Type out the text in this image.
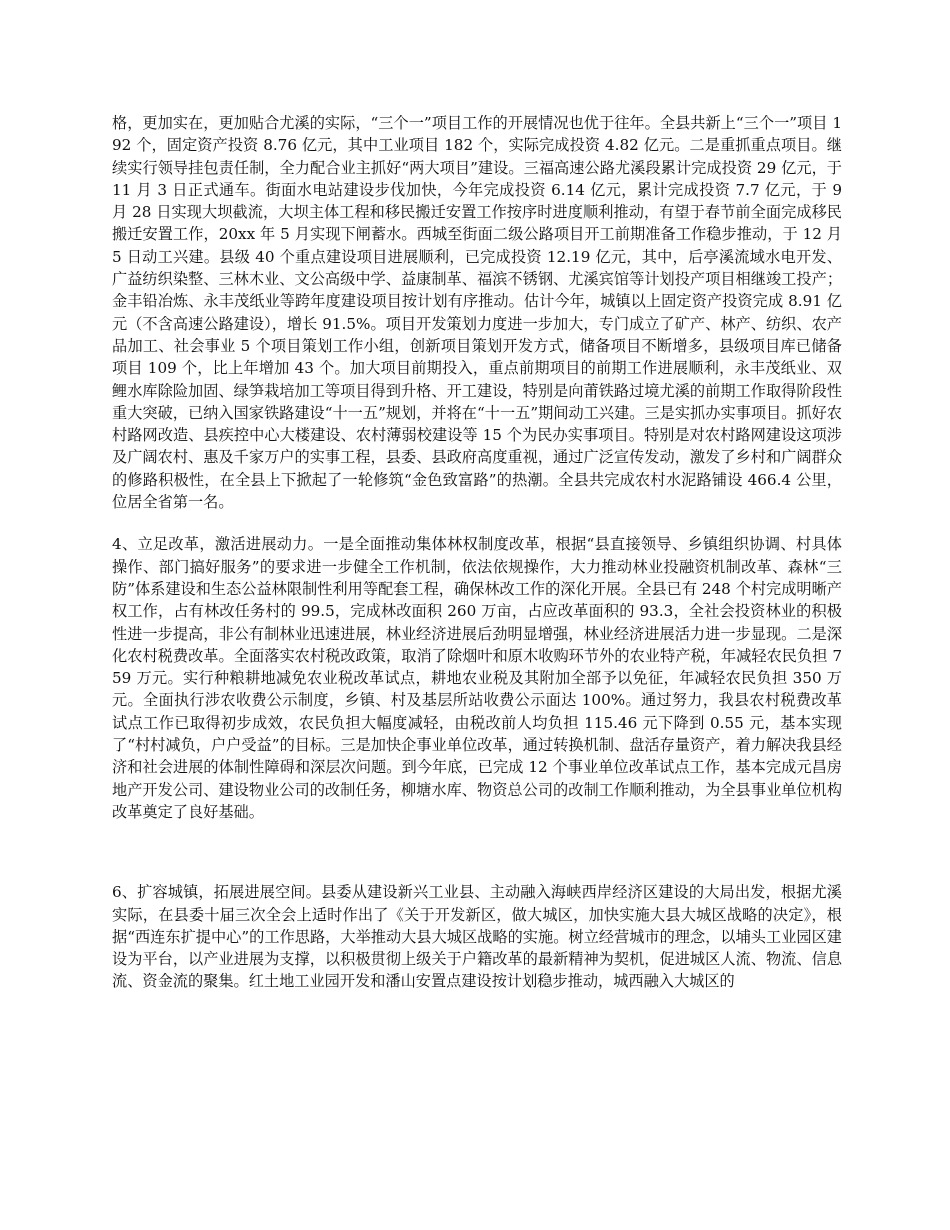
格，更加实在，更加贴合尤溪的实际，“三个一”项目工作的开展情况也优于往年。全县共新上“三个一”项目 192 个，固定资产投资 8.76 亿元，其中工业项目 182 个，实际完成投资 4.82 亿元。二是重抓重点项目。继续实行领导挂包责任制，全力配合业主抓好“两大项目”建设。三福高速公路尤溪段累计完成投资 29 亿元，于 11 月 3 日正式通车。街面水电站建设步伐加快，今年完成投资 6.14 亿元，累计完成投资 7.7 亿元，于 9 月 28 日实现大坝截流，大坝主体工程和移民搬迁安置工作按序时进度顺利推动，有望于春节前全面完成移民搬迁安置工作，20xx 年 5 月实现下闸蓄水。西城至街面二级公路项目开工前期准备工作稳步推动，于 12 月 5 日动工兴建。县级 40 个重点建设项目进展顺利，已完成投资 12.19 亿元，其中，后亭溪流域水电开发、广益纺织染整、三林木业、文公高级中学、益康制革、福滨不锈钢、尤溪宾馆等计划投产项目相继竣工投产；金丰铅冶炼、永丰茂纸业等跨年度建设项目按计划有序推动。估计今年，城镇以上固定资产投资完成 8.91 亿元（不含高速公路建设），增长 91.5%。项目开发策划力度进一步加大，专门成立了矿产、林产、纺织、农产品加工、社会事业 5 个项目策划工作小组，创新项目策划开发方式，储备项目不断增多，县级项目库已储备项目 109 个，比上年增加 43 个。加大项目前期投入，重点前期项目的前期工作进展顺利，永丰茂纸业、双鲤水库除险加固、绿笋栽培加工等项目得到升格、开工建设，特别是向莆铁路过境尤溪的前期工作取得阶段性重大突破，已纳入国家铁路建设“十一五”规划，并将在“十一五”期间动工兴建。三是实抓办实事项目。抓好农村路网改造、县疾控中心大楼建设、农村薄弱校建设等 15 个为民办实事项目。特别是对农村路网建设这项涉及广阔农村、惠及千家万户的实事工程，县委、县政府高度重视，通过广泛宣传发动，激发了乡村和广阔群众的修路积极性，在全县上下掀起了一轮修筑“金色致富路”的热潮。全县共完成农村水泥路铺设 466.4 公里，位居全省第一名。

4、立足改革，激活进展动力。一是全面推动集体林权制度改革，根据“县直接领导、乡镇组织协调、村具体操作、部门搞好服务”的要求进一步健全工作机制，依法依规操作，大力推动林业投融资机制改革、森林“三防”体系建设和生态公益林限制性利用等配套工程，确保林改工作的深化开展。全县已有 248 个村完成明晰产权工作，占有林改任务村的 99.5，完成林改面积 260 万亩，占应改革面积的 93.3，全社会投资林业的积极性进一步提高，非公有制林业迅速进展，林业经济进展后劲明显增强，林业经济进展活力进一步显现。二是深化农村税费改革。全面落实农村税改政策，取消了除烟叶和原木收购环节外的农业特产税，年减轻农民负担 759 万元。实行种粮耕地减免农业税改革试点，耕地农业税及其附加全部予以免征，年减轻农民负担 350 万元。全面执行涉农收费公示制度，乡镇、村及基层所站收费公示面达 100%。通过努力，我县农村税费改革试点工作已取得初步成效，农民负担大幅度减轻，由税改前人均负担 115.46 元下降到 0.55 元，基本实现了“村村减负，户户受益”的目标。三是加快企事业单位改革，通过转换机制、盘活存量资产，着力解决我县经济和社会进展的体制性障碍和深层次问题。到今年底，已完成 12 个事业单位改革试点工作，基本完成元昌房地产开发公司、建设物业公司的改制任务，柳塘水库、物资总公司的改制工作顺利推动，为全县事业单位机构改革奠定了良好基础。

6、扩容城镇，拓展进展空间。县委从建设新兴工业县、主动融入海峡西岸经济区建设的大局出发，根据尤溪实际，在县委十届三次全会上适时作出了《关于开发新区，做大城区，加快实施大县大城区战略的决定》，根据“西连东扩提中心”的工作思路，大举推动大县大城区战略的实施。树立经营城市的理念，以埔头工业园区建设为平台，以产业进展为支撑，以积极贯彻上级关于户籍改革的最新精神为契机，促进城区人流、物流、信息流、资金流的聚集。红土地工业园开发和潘山安置点建设按计划稳步推动，城西融入大城区的
